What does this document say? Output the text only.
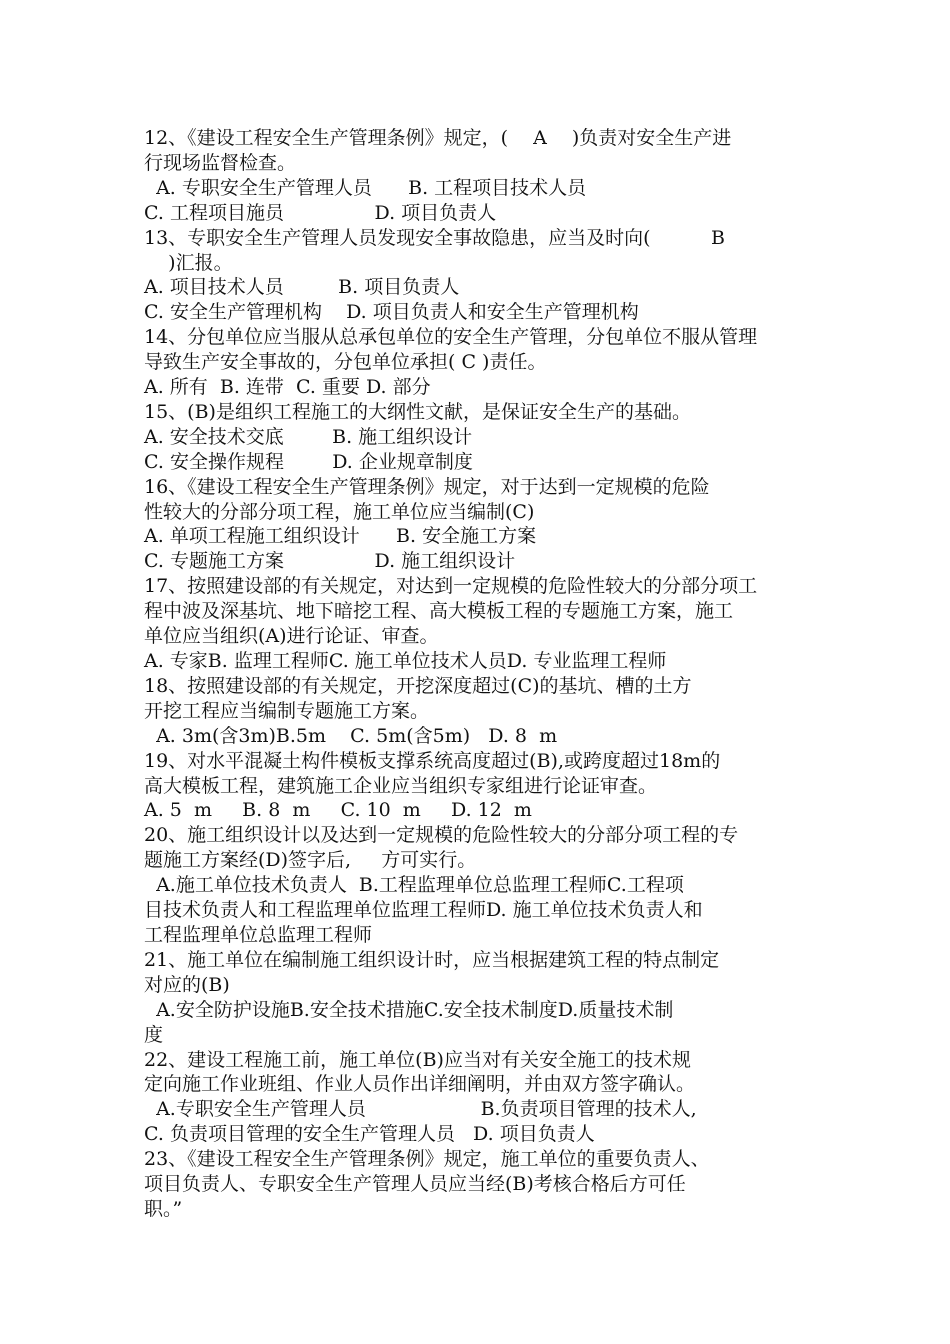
12、《建设工程安全生产管理条例》规定，(　 A　 )负责对安全生产进
行现场监督检查。
A. 专职安全生产管理人员      B. 工程项目技术人员
C. 工程项目施员               D. 项目负责人
13、专职安全生产管理人员发现安全事故隐患，应当及时向(          B
)汇报。
A. 项目技术人员         B. 项目负责人
C. 安全生产管理机构    D. 项目负责人和安全生产管理机构
14、分包单位应当服从总承包单位的安全生产管理，分包单位不服从管理
导致生产安全事故的，分包单位承担( C )责任。
A. 所有  B. 连带  C. 重要 D. 部分
15、(B)是组织工程施工的大纲性文献，是保证安全生产的基础。
A. 安全技术交底        B. 施工组织设计
C. 安全操作规程        D. 企业规章制度
16、《建设工程安全生产管理条例》规定，对于达到一定规模的危险
性较大的分部分项工程，施工单位应当编制(C)
A. 单项工程施工组织设计      B. 安全施工方案
C. 专题施工方案               D. 施工组织设计
17、按照建设部的有关规定，对达到一定规模的危险性较大的分部分项工
程中波及深基坑、地下暗挖工程、高大模板工程的专题施工方案，施工
单位应当组织(A)进行论证、审查。
A. 专家B. 监理工程师C. 施工单位技术人员D. 专业监理工程师
18、按照建设部的有关规定，开挖深度超过(C)的基坑、槽的土方
开挖工程应当编制专题施工方案。
A. 3m(含3m)B.5m    C. 5m(含5m)   D. 8  m
19、对水平混凝土构件模板支撑系统高度超过(B),或跨度超过18m的
高大模板工程，建筑施工企业应当组织专家组进行论证审查。
A. 5  m     B. 8  m     C. 10  m     D. 12  m
20、施工组织设计以及达到一定规模的危险性较大的分部分项工程的专
题施工方案经(D)签字后,     方可实行。
A.施工单位技术负责人  B.工程监理单位总监理工程师C.工程项
目技术负责人和工程监理单位监理工程师D. 施工单位技术负责人和
工程监理单位总监理工程师
21、施工单位在编制施工组织设计时，应当根据建筑工程的特点制定
对应的(B)
A.安全防护设施B.安全技术措施C.安全技术制度D.质量技术制
度
22、建设工程施工前，施工单位(B)应当对有关安全施工的技术规
定向施工作业班组、作业人员作出详细阐明，并由双方签字确认。
A.专职安全生产管理人员                   B.负责项目管理的技术人,
C. 负责项目管理的安全生产管理人员   D. 项目负责人
23、《建设工程安全生产管理条例》规定，施工单位的重要负责人、
项目负责人、专职安全生产管理人员应当经(B)考核合格后方可任
职。”
